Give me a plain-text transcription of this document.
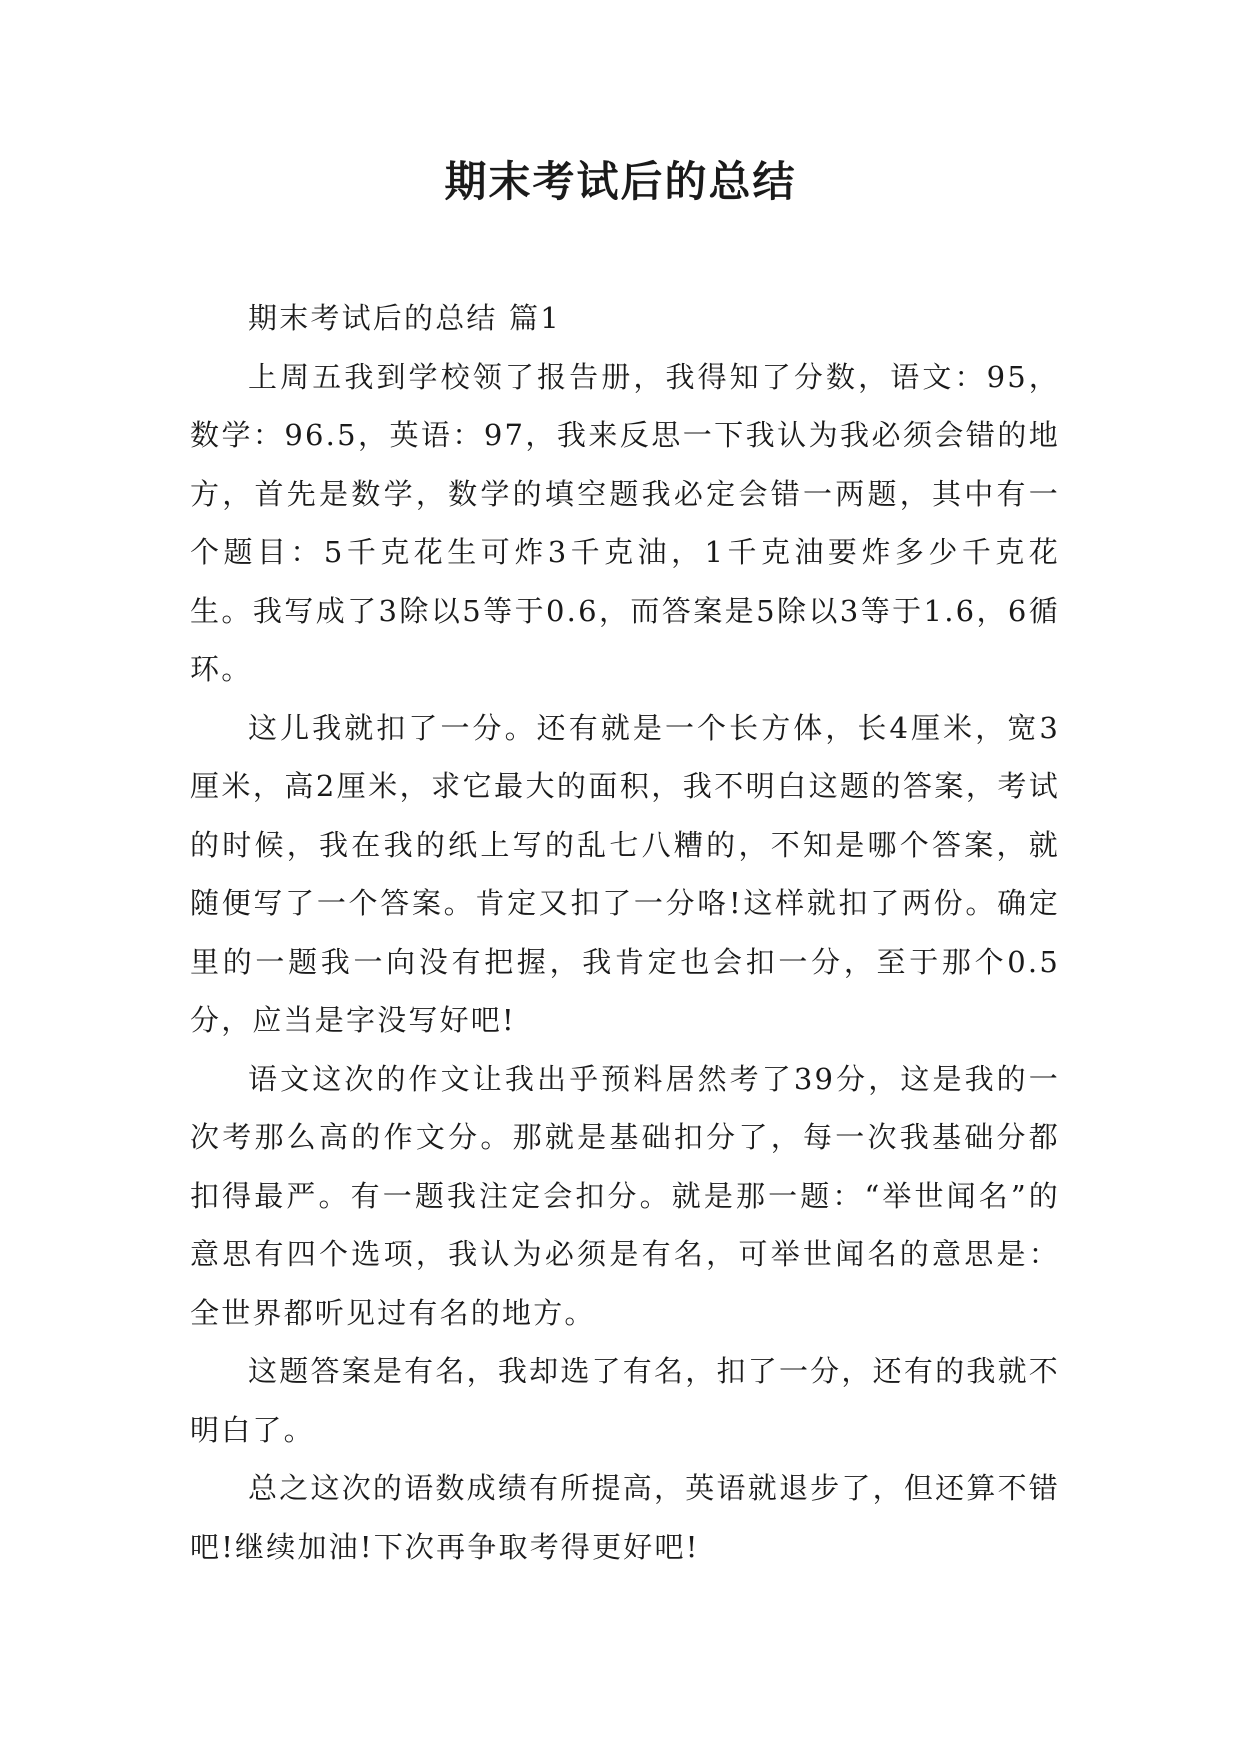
期末考试后的总结

期末考试后的总结 篇1

上周五我到学校领了报告册，我得知了分数，语文：95，数学：96.5，英语：97，我来反思一下我认为我必须会错的地方，首先是数学，数学的填空题我必定会错一两题，其中有一个题目：5千克花生可炸3千克油，1千克油要炸多少千克花生。我写成了3除以5等于0.6，而答案是5除以3等于1.6，6循环。

这儿我就扣了一分。还有就是一个长方体，长4厘米，宽3厘米，高2厘米，求它最大的面积，我不明白这题的答案，考试的时候，我在我的纸上写的乱七八糟的，不知是哪个答案，就随便写了一个答案。肯定又扣了一分咯!这样就扣了两份。确定里的一题我一向没有把握，我肯定也会扣一分，至于那个0.5分，应当是字没写好吧!

语文这次的作文让我出乎预料居然考了39分，这是我的一次考那么高的作文分。那就是基础扣分了，每一次我基础分都扣得最严。有一题我注定会扣分。就是那一题：“举世闻名”的意思有四个选项，我认为必须是有名，可举世闻名的意思是：全世界都听见过有名的地方。

这题答案是有名，我却选了有名，扣了一分，还有的我就不明白了。

总之这次的语数成绩有所提高，英语就退步了，但还算不错吧!继续加油!下次再争取考得更好吧!
